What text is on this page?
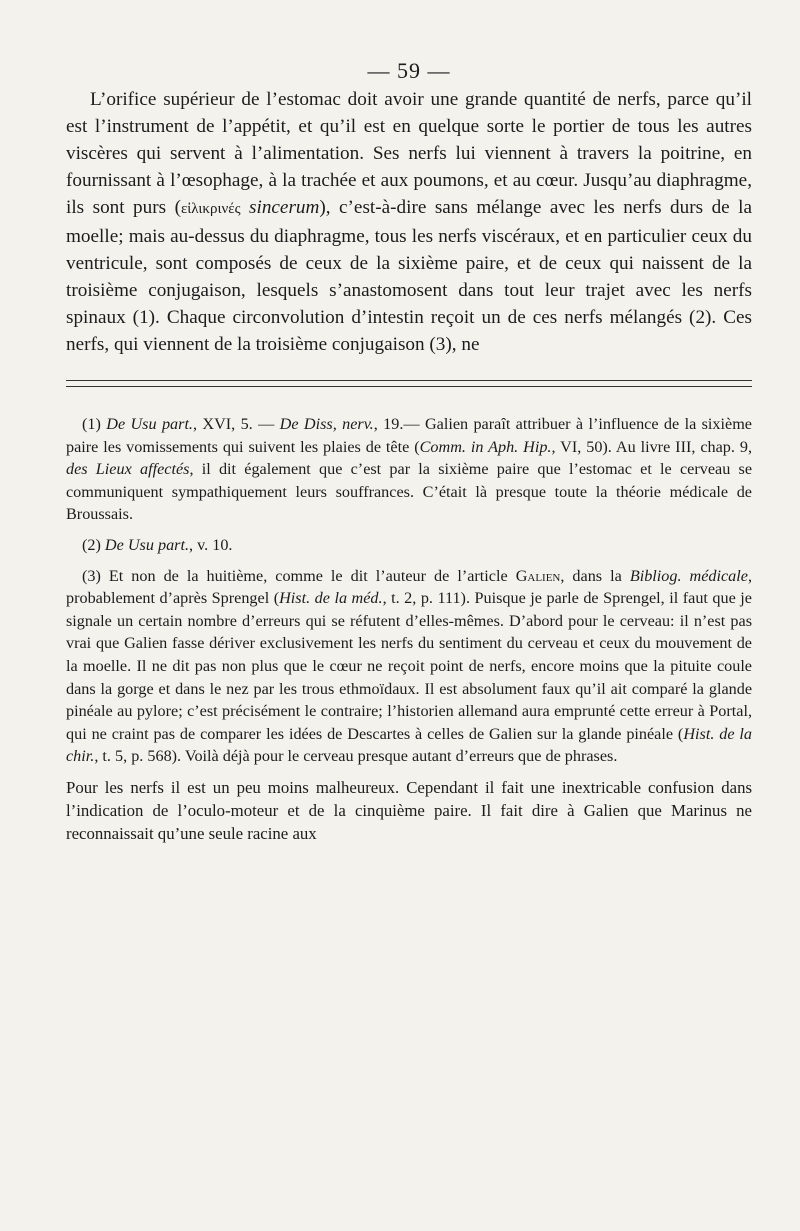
— 59 —

L’orifice supérieur de l’estomac doit avoir une grande quantité de nerfs, parce qu’il est l’instrument de l’appétit, et qu’il est en quelque sorte le portier de tous les autres viscères qui servent à l’alimentation. Ses nerfs lui viennent à travers la poitrine, en fournissant à l’œsophage, à la trachée et aux poumons, et au cœur. Jusqu’au diaphragme, ils sont purs (εἰλικρινές sincerum), c’est-à-dire sans mélange avec les nerfs durs de la moelle; mais au-dessus du diaphragme, tous les nerfs viscéraux, et en particulier ceux du ventricule, sont composés de ceux de la sixième paire, et de ceux qui naissent de la troisième conjugaison, lesquels s’anastomosent dans tout leur trajet avec les nerfs spinaux (1). Chaque circonvolution d’intestin reçoit un de ces nerfs mélangés (2). Ces nerfs, qui viennent de la troisième conjugaison (3), ne

(1) De Usu part., XVI, 5. — De Diss, nerv., 19.— Galien paraît attribuer à l’influence de la sixième paire les vomissements qui suivent les plaies de tête (Comm. in Aph. Hip., VI, 50). Au livre III, chap. 9, des Lieux affectés, il dit également que c’est par la sixième paire que l’estomac et le cerveau se communiquent sympathiquement leurs souffrances. C’était là presque toute la théorie médicale de Broussais.

(2) De Usu part., v. 10.

(3) Et non de la huitième, comme le dit l’auteur de l’article Galien, dans la Bibliog. médicale, probablement d’après Sprengel (Hist. de la méd., t. 2, p. 111). Puisque je parle de Sprengel, il faut que je signale un certain nombre d’erreurs qui se réfutent d’elles-mêmes. D’abord pour le cerveau: il n’est pas vrai que Galien fasse dériver exclusivement les nerfs du sentiment du cerveau et ceux du mouvement de la moelle. Il ne dit pas non plus que le cœur ne reçoit point de nerfs, encore moins que la pituite coule dans la gorge et dans le nez par les trous ethmoïdaux. Il est absolument faux qu’il ait comparé la glande pinéale au pylore; c’est précisément le contraire; l’historien allemand aura emprunté cette erreur à Portal, qui ne craint pas de comparer les idées de Descartes à celles de Galien sur la glande pinéale (Hist. de la chir., t. 5, p. 568). Voilà déjà pour le cerveau presque autant d’erreurs que de phrases.

Pour les nerfs il est un peu moins malheureux. Cependant il fait une inextricable confusion dans l’indication de l’oculo-moteur et de la cinquième paire. Il fait dire à Galien que Marinus ne reconnaissait qu’une seule racine aux
